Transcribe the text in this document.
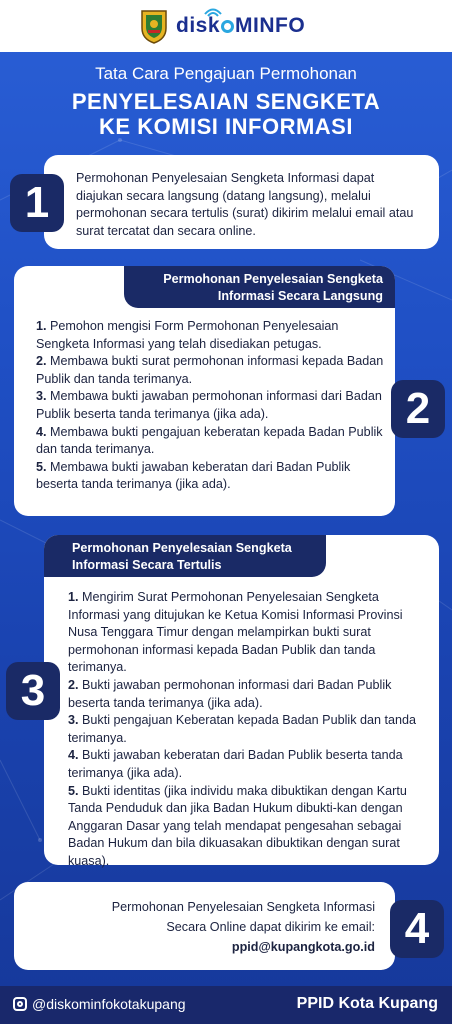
disk MINFO
Tata Cara Pengajuan Permohonan
PENYELESAIAN SENGKETA
KE KOMISI INFORMASI
1	Permohonan Penyelesaian Sengketa Informasi dapat diajukan secara langsung (datang langsung), melalui permohonan secara tertulis (surat) dikirim melalui email atau surat tercatat dan secara online.
Permohonan Penyelesaian Sengketa
Informasi Secara Langsung
2
1. Pemohon mengisi Form Permohonan Penyelesaian Sengketa Informasi yang telah disediakan petugas.
2. Membawa bukti surat permohonan informasi kepada Badan Publik dan tanda terimanya.
3. Membawa bukti jawaban permohonan informasi dari Badan Publik beserta tanda terimanya (jika ada).
4. Membawa bukti pengajuan keberatan kepada Badan Publik dan tanda terimanya.
5. Membawa bukti jawaban keberatan dari Badan Publik beserta tanda terimanya (jika ada).
Permohonan Penyelesaian Sengketa
Informasi Secara Tertulis
3
1. Mengirim Surat Permohonan Penyelesaian Sengketa Informasi yang ditujukan ke Ketua Komisi Informasi Provinsi Nusa Tenggara Timur dengan melampirkan bukti surat permohonan informasi kepada Badan Publik dan tanda terimanya.
2. Bukti jawaban permohonan informasi dari Badan Publik beserta tanda terimanya (jika ada).
3. Bukti pengajuan Keberatan kepada Badan Publik dan tanda terimanya.
4. Bukti jawaban keberatan dari Badan Publik beserta tanda terimanya (jika ada).
5. Bukti identitas (jika individu maka dibuktikan dengan Kartu Tanda Penduduk dan jika Badan Hukum dibukti-kan dengan Anggaran Dasar yang telah mendapat pengesahan sebagai Badan Hukum dan bila dikuasakan dibuktikan dengan surat kuasa).
4
Permohonan Penyelesaian Sengketa Informasi
Secara Online dapat dikirim ke email:
ppid@kupangkota.go.id
@diskominfokotakupang	PPID Kota Kupang
